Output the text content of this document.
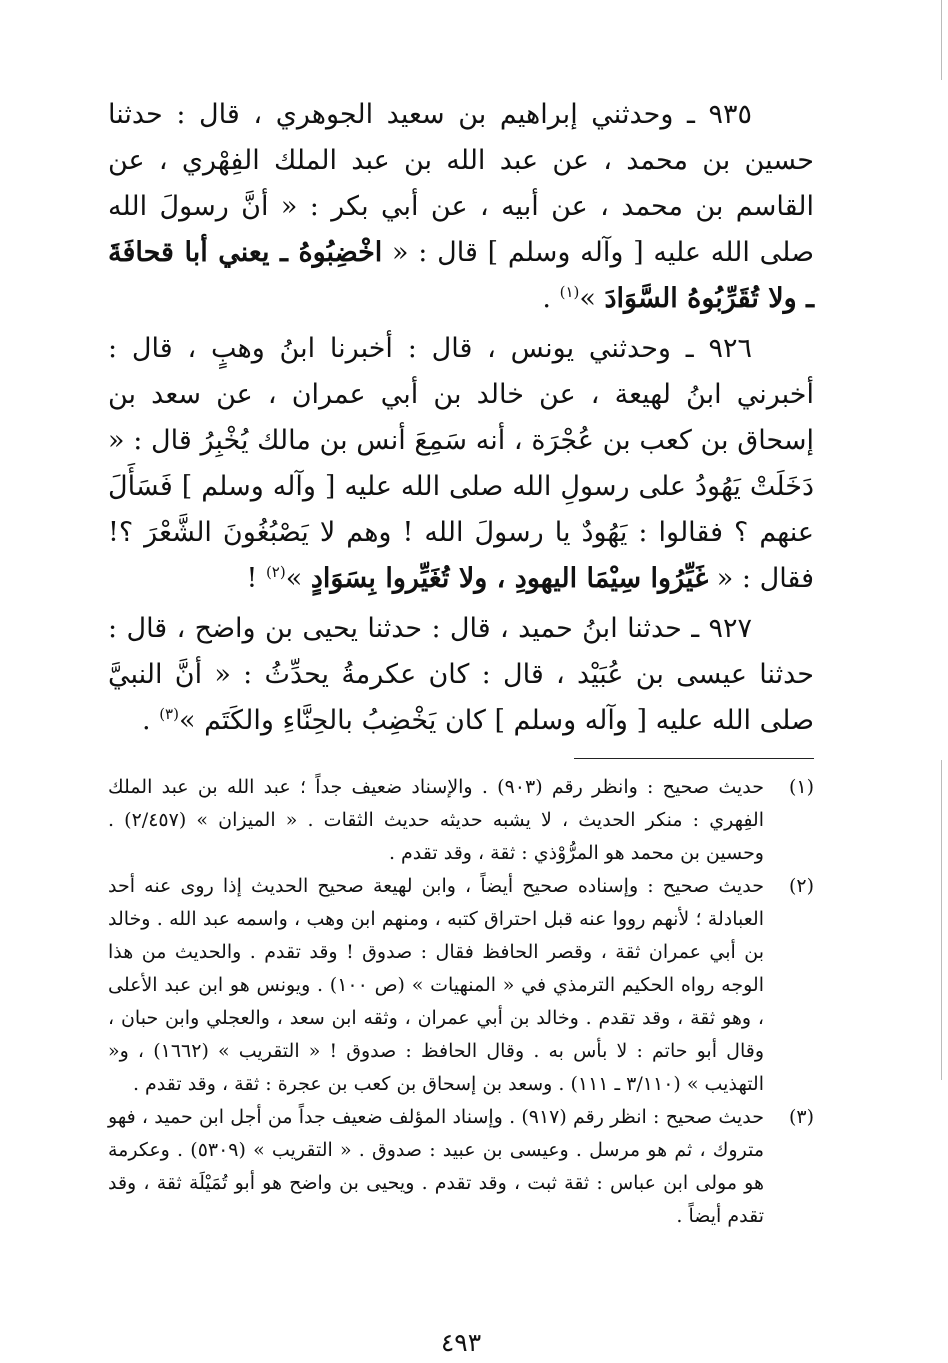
٩٣٥ ـ وحدثني إبراهيم بن سعيد الجوهري ، قال : حدثنا حسين بن محمد ، عن عبد الله بن عبد الملك الفِهْري ، عن القاسم بن محمد ، عن أبيه ، عن أبي بكر : « أنَّ رسولَ الله صلى الله عليه [ وآله وسلم ] قال : « اخْضِبُوهُ ـ يعني أبا قحافَةَ ـ ولا تُقَرِّبُوهُ السَّوَادَ »$^{(١)}$ .

٩٢٦ ـ وحدثني يونس ، قال : أخبرنا ابنُ وهبٍ ، قال : أخبرني ابنُ لهيعة ، عن خالد بن أبي عمران ، عن سعد بن إسحاق بن كعب بن عُجْرَة ، أنه سَمِعَ أنس بن مالك يُخْبِرُ قال : « دَخَلَتْ يَهُودُ على رسولِ الله صلى الله عليه [ وآله وسلم ] فَسَأَلَ عنهم ؟ فقالوا : يَهُودٌ يا رسولَ الله ! وهم لا يَصْبُغُونَ الشَّعْرَ ؟! فقال : « غَيِّرُوا سِيْمَا اليهودِ ، ولا تُغَيِّروا بِسَوَادٍ »$^{(٢)}$ !

٩٢٧ ـ حدثنا ابنُ حميد ، قال : حدثنا يحيى بن واضح ، قال : حدثنا عيسى بن عُبَيْد ، قال : كان عكرمةُ يحدِّثُ : « أنَّ النبيَّ صلى الله عليه [ وآله وسلم ] كان يَخْضِبُ بالحِنَّاءِ والكَتَم »$^{(٣)}$ .

(١)
حديث صحيح : وانظر رقم (٩٠٣) . والإسناد ضعيف جداً ؛ عبد الله بن عبد الملك الفِهري : منكر الحديث ، لا يشبه حديثه حديث الثقات . « الميزان » (٢/٤٥٧) . وحسين بن محمد هو المرُّوْذي : ثقة ، وقد تقدم .
(٢)
حديث صحيح : وإسناده صحيح أيضاً ، وابن لهيعة صحيح الحديث إذا روى عنه أحد العبادلة ؛ لأنهم رووا عنه قبل احتراق كتبه ، ومنهم ابن وهب ، واسمه عبد الله . وخالد بن أبي عمران ثقة ، وقصر الحافظ فقال : صدوق ! وقد تقدم . والحديث من هذا الوجه رواه الحكيم الترمذي في « المنهيات » (ص ١٠٠) . ويونس هو ابن عبد الأعلى ، وهو ثقة ، وقد تقدم . وخالد بن أبي عمران ، وثقه ابن سعد ، والعجلي وابن حبان ، وقال أبو حاتم : لا بأس به . وقال الحافظ : صدوق ! « التقريب » (١٦٦٢) ، و« التهذيب » (٣/١١٠ ـ ١١١) . وسعد بن إسحاق بن كعب بن عجرة : ثقة ، وقد تقدم .
(٣)
حديث صحيح : انظر رقم (٩١٧) . وإسناد المؤلف ضعيف جداً من أجل ابن حميد ، فهو متروك ، ثم هو مرسل . وعيسى بن عبيد : صدوق . « التقريب » (٥٣٠٩) . وعكرمة هو مولى ابن عباس : ثقة ثبت ، وقد تقدم . ويحيى بن واضح هو أبو تُمَيْلَة ثقة ، وقد تقدم أيضاً .
٤٩٣
